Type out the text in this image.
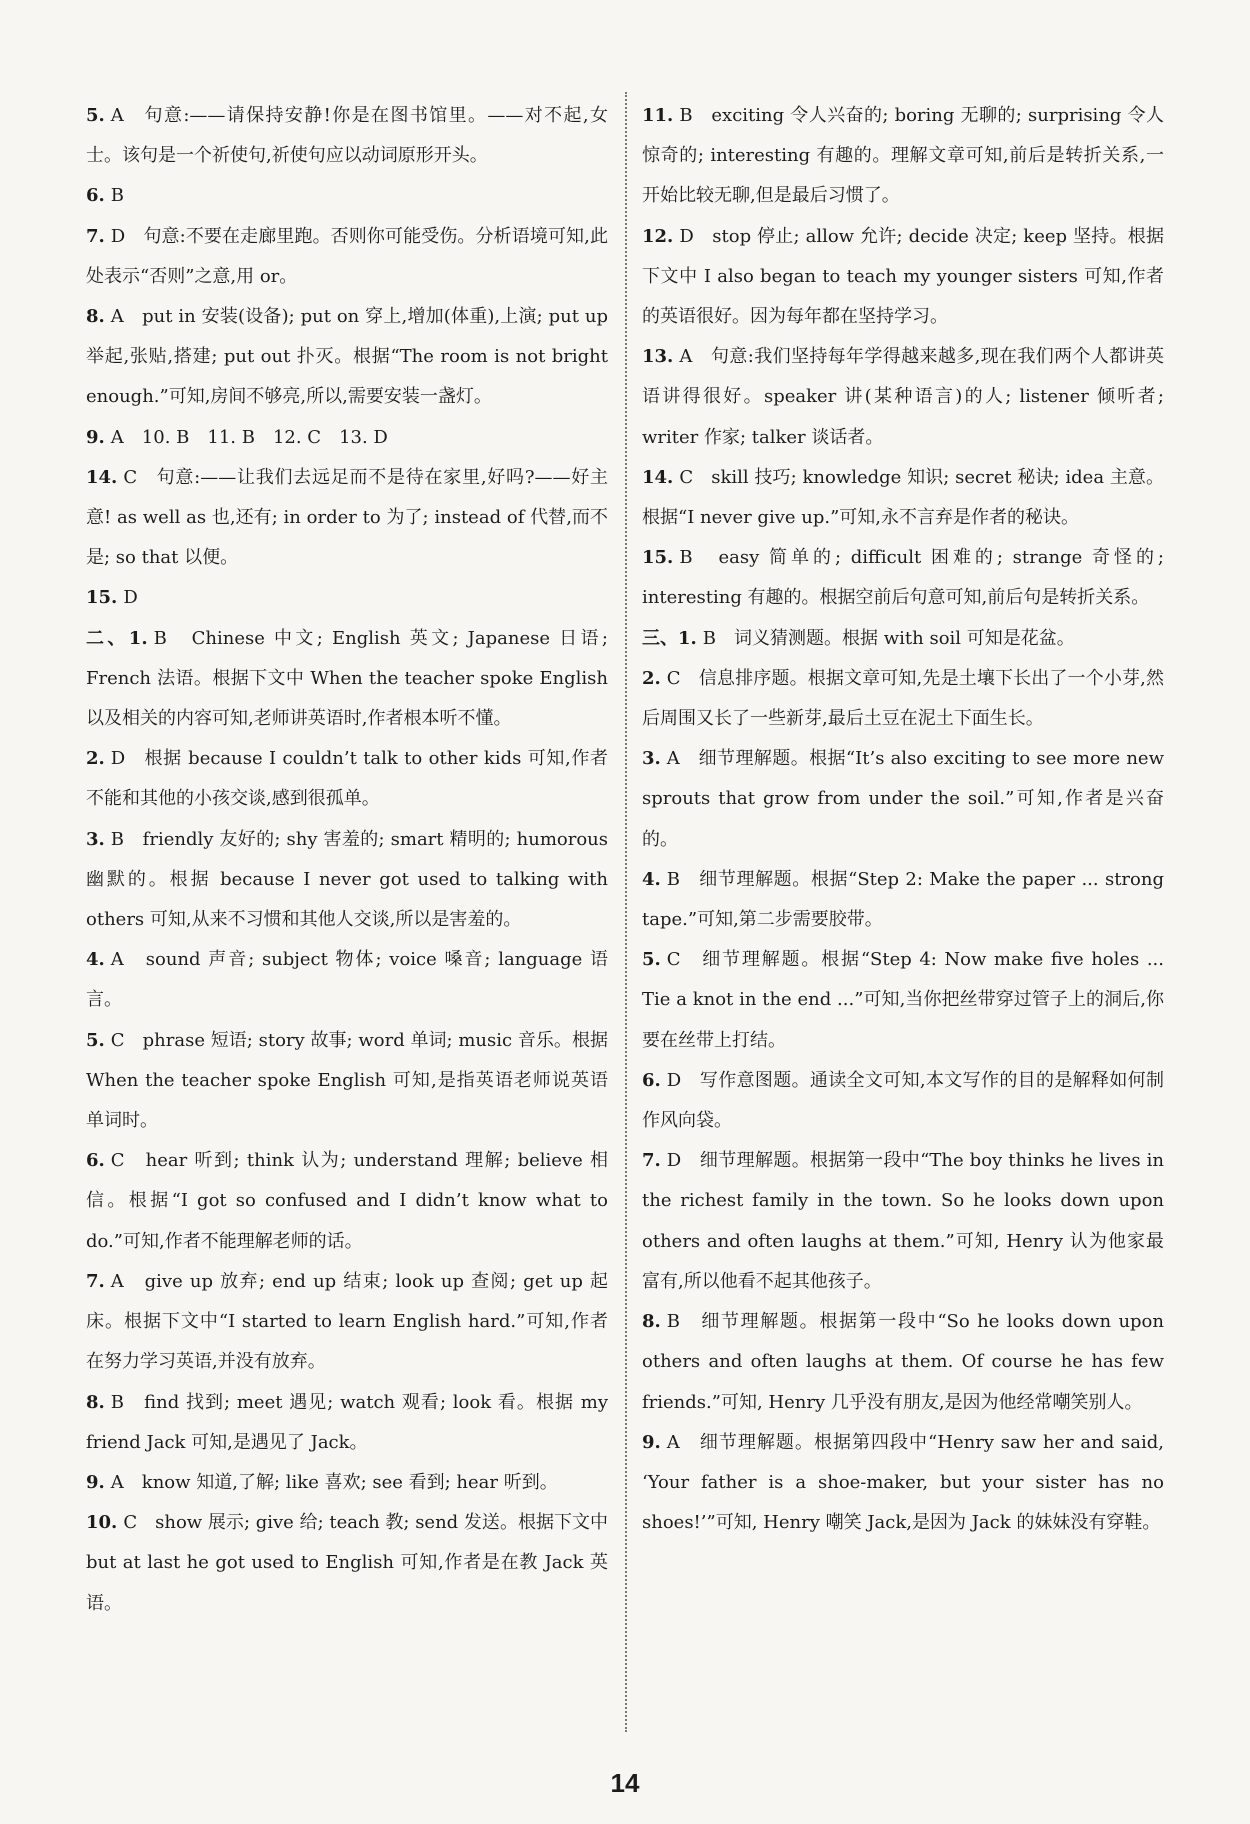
5. A　句意:——请保持安静!你是在图书馆里。——对不起,女士。该句是一个祈使句,祈使句应以动词原形开头。
6. B
7. D　句意:不要在走廊里跑。否则你可能受伤。分析语境可知,此处表示“否则”之意,用 or。
8. A　put in 安装(设备); put on 穿上,增加(体重),上演; put up 举起,张贴,搭建; put out 扑灭。根据“The room is not bright enough.”可知,房间不够亮,所以,需要安装一盏灯。
9. A　10. B　11. B　12. C　13. D
14. C　句意:——让我们去远足而不是待在家里,好吗?——好主意! as well as 也,还有; in order to 为了; instead of 代替,而不是; so that 以便。
15. D
二、1. B　Chinese 中文; English 英文; Japanese 日语; French 法语。根据下文中 When the teacher spoke English 以及相关的内容可知,老师讲英语时,作者根本听不懂。
2. D　根据 because I couldn’t talk to other kids 可知,作者不能和其他的小孩交谈,感到很孤单。
3. B　friendly 友好的; shy 害羞的; smart 精明的; humorous 幽默的。根据 because I never got used to talking with others 可知,从来不习惯和其他人交谈,所以是害羞的。
4. A　sound 声音; subject 物体; voice 嗓音; language 语言。
5. C　phrase 短语; story 故事; word 单词; music 音乐。根据 When the teacher spoke English 可知,是指英语老师说英语单词时。
6. C　hear 听到; think 认为; understand 理解; believe 相信。根据“I got so confused and I didn’t know what to do.”可知,作者不能理解老师的话。
7. A　give up 放弃; end up 结束; look up 查阅; get up 起床。根据下文中“I started to learn English hard.”可知,作者在努力学习英语,并没有放弃。
8. B　find 找到; meet 遇见; watch 观看; look 看。根据 my friend Jack 可知,是遇见了 Jack。
9. A　know 知道,了解; like 喜欢; see 看到; hear 听到。
10. C　show 展示; give 给; teach 教; send 发送。根据下文中 but at last he got used to English 可知,作者是在教 Jack 英语。
11. B　exciting 令人兴奋的; boring 无聊的; surprising 令人惊奇的; interesting 有趣的。理解文章可知,前后是转折关系,一开始比较无聊,但是最后习惯了。
12. D　stop 停止; allow 允许; decide 决定; keep 坚持。根据下文中 I also began to teach my younger sisters 可知,作者的英语很好。因为每年都在坚持学习。
13. A　句意:我们坚持每年学得越来越多,现在我们两个人都讲英语讲得很好。speaker 讲(某种语言)的人; listener 倾听者; writer 作家; talker 谈话者。
14. C　skill 技巧; knowledge 知识; secret 秘诀; idea 主意。根据“I never give up.”可知,永不言弃是作者的秘诀。
15. B　easy 简单的; difficult 困难的; strange 奇怪的; interesting 有趣的。根据空前后句意可知,前后句是转折关系。
三、1. B　词义猜测题。根据 with soil 可知是花盆。
2. C　信息排序题。根据文章可知,先是土壤下长出了一个小芽,然后周围又长了一些新芽,最后土豆在泥土下面生长。
3. A　细节理解题。根据“It’s also exciting to see more new sprouts that grow from under the soil.”可知,作者是兴奋的。
4. B　细节理解题。根据“Step 2: Make the paper ... strong tape.”可知,第二步需要胶带。
5. C　细节理解题。根据“Step 4: Now make five holes ... Tie a knot in the end ...”可知,当你把丝带穿过管子上的洞后,你要在丝带上打结。
6. D　写作意图题。通读全文可知,本文写作的目的是解释如何制作风向袋。
7. D　细节理解题。根据第一段中“The boy thinks he lives in the richest family in the town. So he looks down upon others and often laughs at them.”可知, Henry 认为他家最富有,所以他看不起其他孩子。
8. B　细节理解题。根据第一段中“So he looks down upon others and often laughs at them. Of course he has few friends.”可知, Henry 几乎没有朋友,是因为他经常嘲笑别人。
9. A　细节理解题。根据第四段中“Henry saw her and said, ‘Your father is a shoe-maker, but your sister has no shoes!’”可知, Henry 嘲笑 Jack,是因为 Jack 的妹妹没有穿鞋。
14
